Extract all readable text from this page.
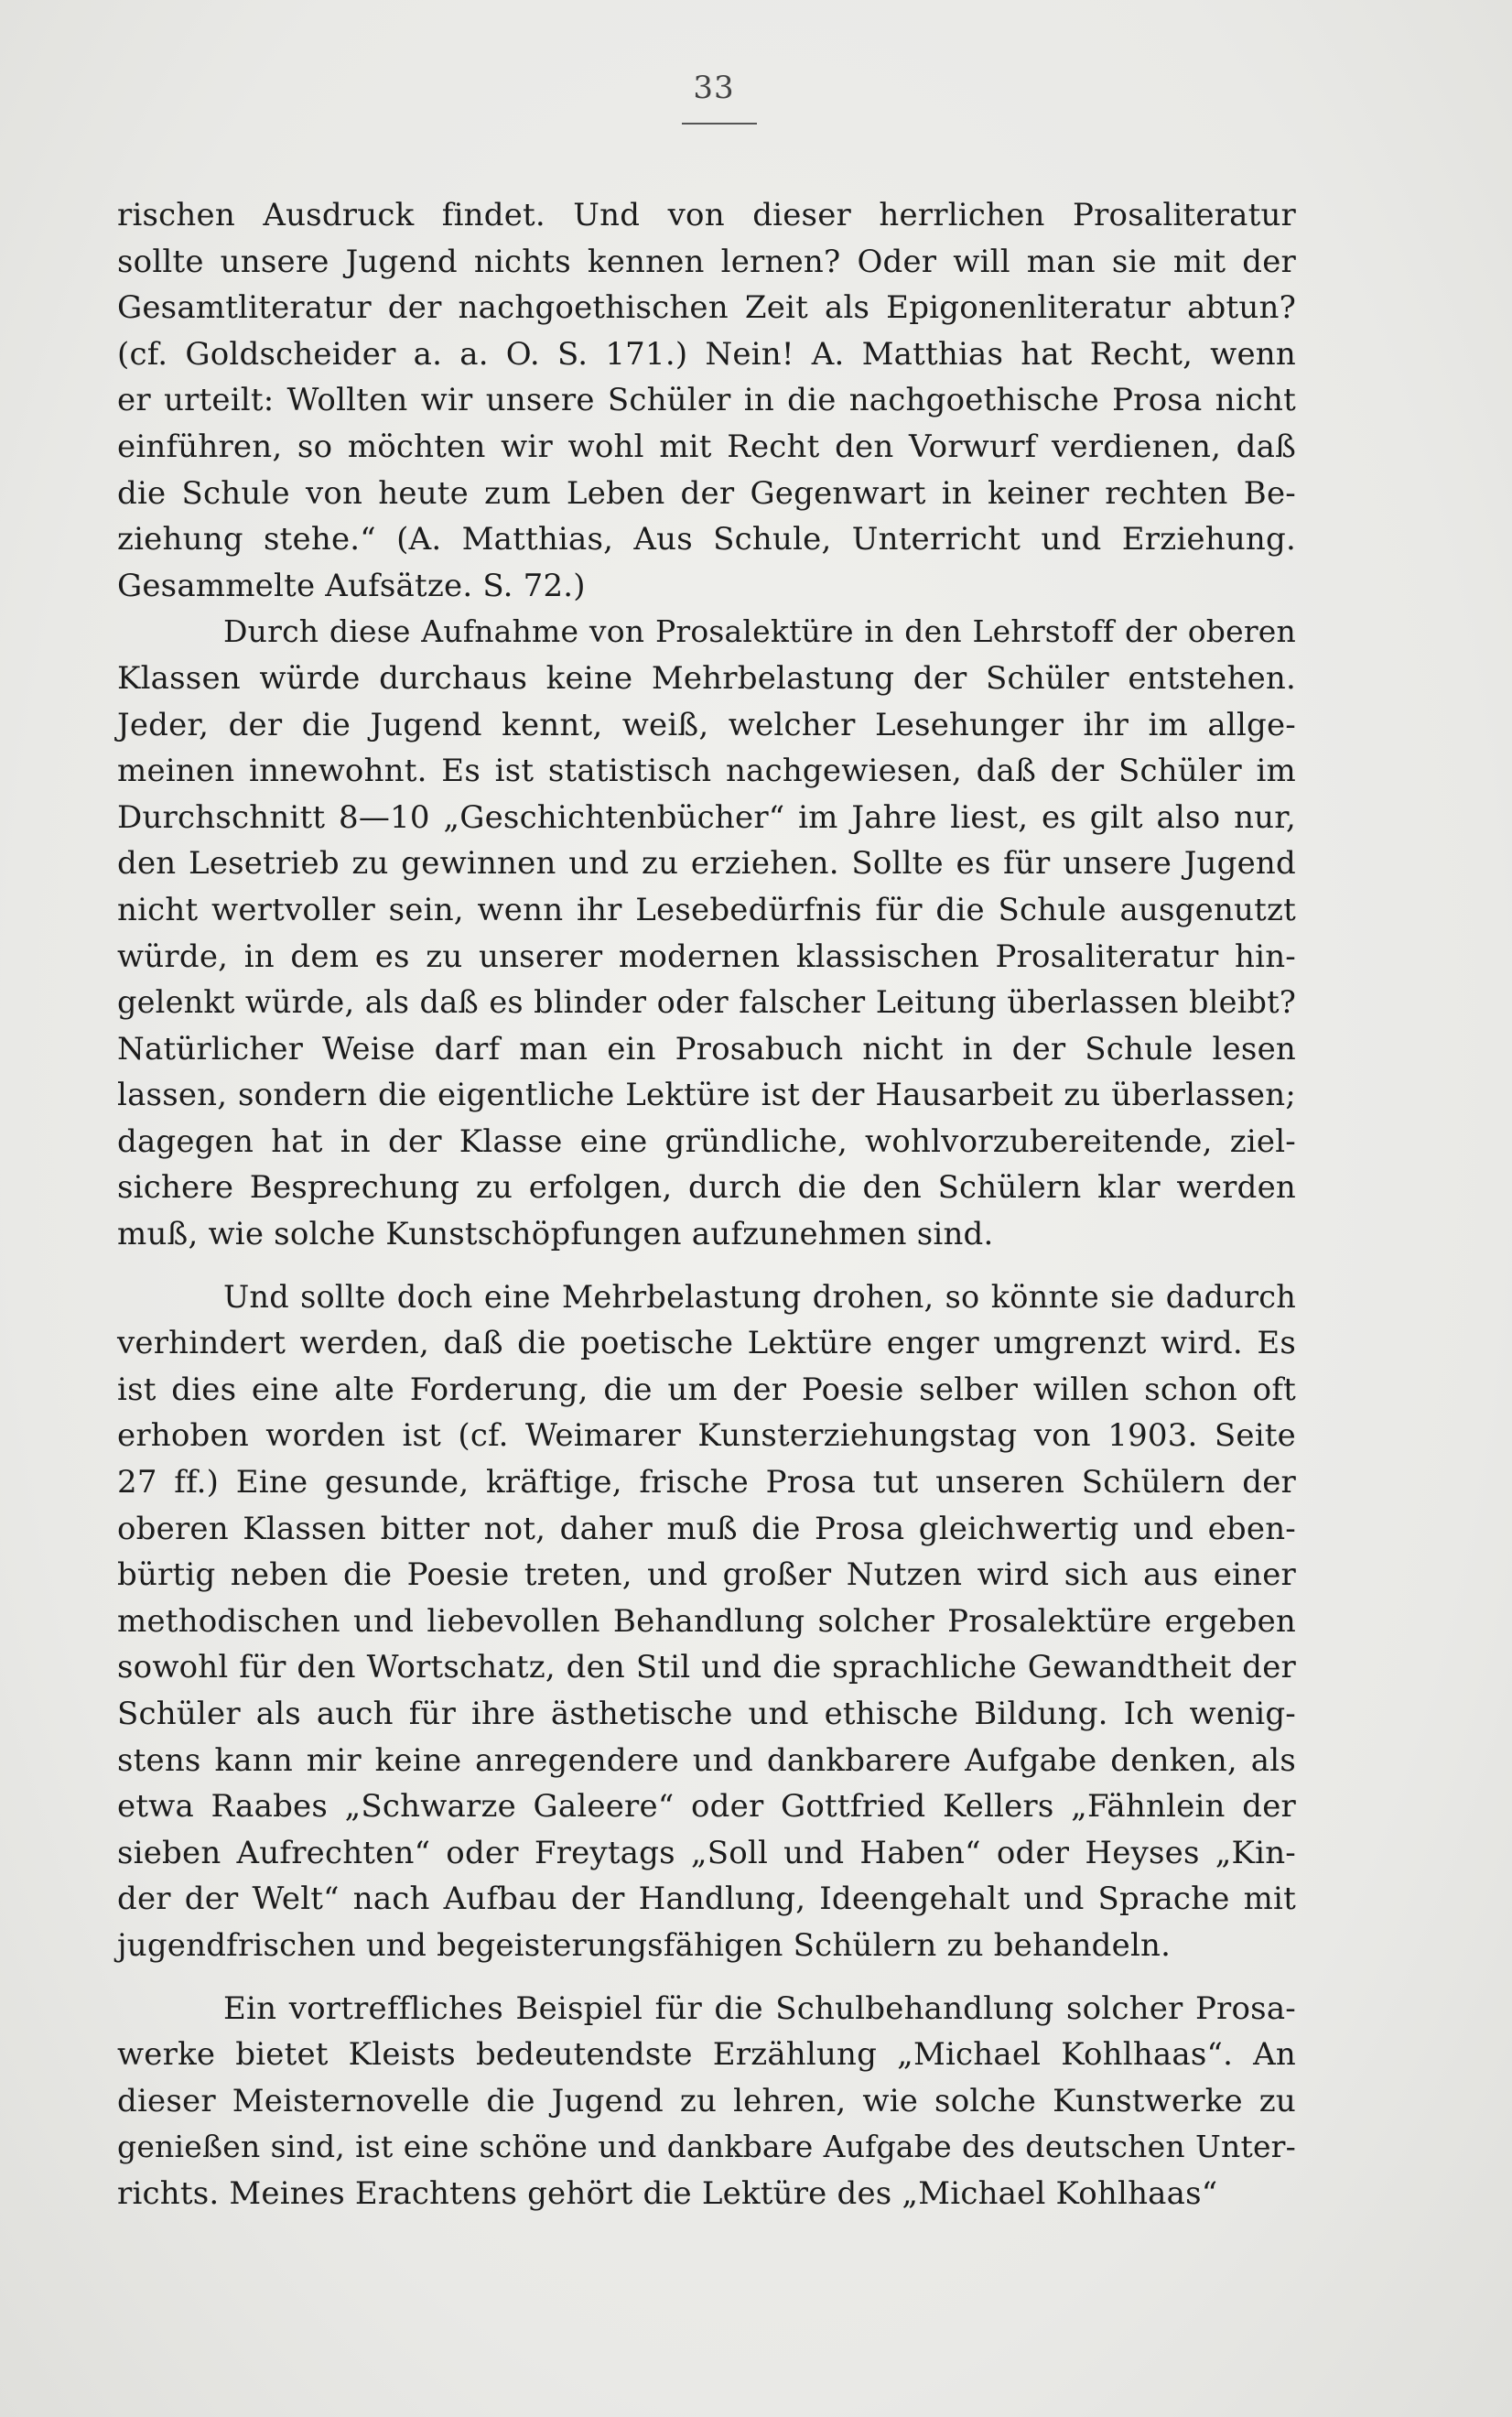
33
rischen Ausdruck findet. Und von dieser herrlichen Prosaliteratur
sollte unsere Jugend nichts kennen lernen? Oder will man sie mit der
Gesamtliteratur der nachgoethischen Zeit als Epigonenliteratur abtun?
(cf. Goldscheider a. a. O. S. 171.) Nein! A. Matthias hat Recht, wenn
er urteilt: Wollten wir unsere Schüler in die nachgoethische Prosa nicht
einführen, so möchten wir wohl mit Recht den Vorwurf verdienen, daß
die Schule von heute zum Leben der Gegenwart in keiner rechten Be-
ziehung stehe.“ (A. Matthias, Aus Schule, Unterricht und Erziehung.
Gesammelte Aufsätze. S. 72.)
Durch diese Aufnahme von Prosalektüre in den Lehrstoff der oberen
Klassen würde durchaus keine Mehrbelastung der Schüler entstehen.
Jeder, der die Jugend kennt, weiß, welcher Lesehunger ihr im allge-
meinen innewohnt. Es ist statistisch nachgewiesen, daß der Schüler im
Durchschnitt 8—10 „Geschichtenbücher“ im Jahre liest, es gilt also nur,
den Lesetrieb zu gewinnen und zu erziehen. Sollte es für unsere Jugend
nicht wertvoller sein, wenn ihr Lesebedürfnis für die Schule ausgenutzt
würde, in dem es zu unserer modernen klassischen Prosaliteratur hin-
gelenkt würde, als daß es blinder oder falscher Leitung überlassen bleibt?
Natürlicher Weise darf man ein Prosabuch nicht in der Schule lesen
lassen, sondern die eigentliche Lektüre ist der Hausarbeit zu überlassen;
dagegen hat in der Klasse eine gründliche, wohlvorzubereitende, ziel-
sichere Besprechung zu erfolgen, durch die den Schülern klar werden
muß, wie solche Kunstschöpfungen aufzunehmen sind.
Und sollte doch eine Mehrbelastung drohen, so könnte sie dadurch
verhindert werden, daß die poetische Lektüre enger umgrenzt wird. Es
ist dies eine alte Forderung, die um der Poesie selber willen schon oft
erhoben worden ist (cf. Weimarer Kunsterziehungstag von 1903. Seite
27 ff.) Eine gesunde, kräftige, frische Prosa tut unseren Schülern der
oberen Klassen bitter not, daher muß die Prosa gleichwertig und eben-
bürtig neben die Poesie treten, und großer Nutzen wird sich aus einer
methodischen und liebevollen Behandlung solcher Prosalektüre ergeben
sowohl für den Wortschatz, den Stil und die sprachliche Gewandtheit der
Schüler als auch für ihre ästhetische und ethische Bildung. Ich wenig-
stens kann mir keine anregendere und dankbarere Aufgabe denken, als
etwa Raabes „Schwarze Galeere“ oder Gottfried Kellers „Fähnlein der
sieben Aufrechten“ oder Freytags „Soll und Haben“ oder Heyses „Kin-
der der Welt“ nach Aufbau der Handlung, Ideengehalt und Sprache mit
jugendfrischen und begeisterungsfähigen Schülern zu behandeln.
Ein vortreffliches Beispiel für die Schulbehandlung solcher Prosa-
werke bietet Kleists bedeutendste Erzählung „Michael Kohlhaas“. An
dieser Meisternovelle die Jugend zu lehren, wie solche Kunstwerke zu
genießen sind, ist eine schöne und dankbare Aufgabe des deutschen Unter-
richts. Meines Erachtens gehört die Lektüre des „Michael Kohlhaas“
